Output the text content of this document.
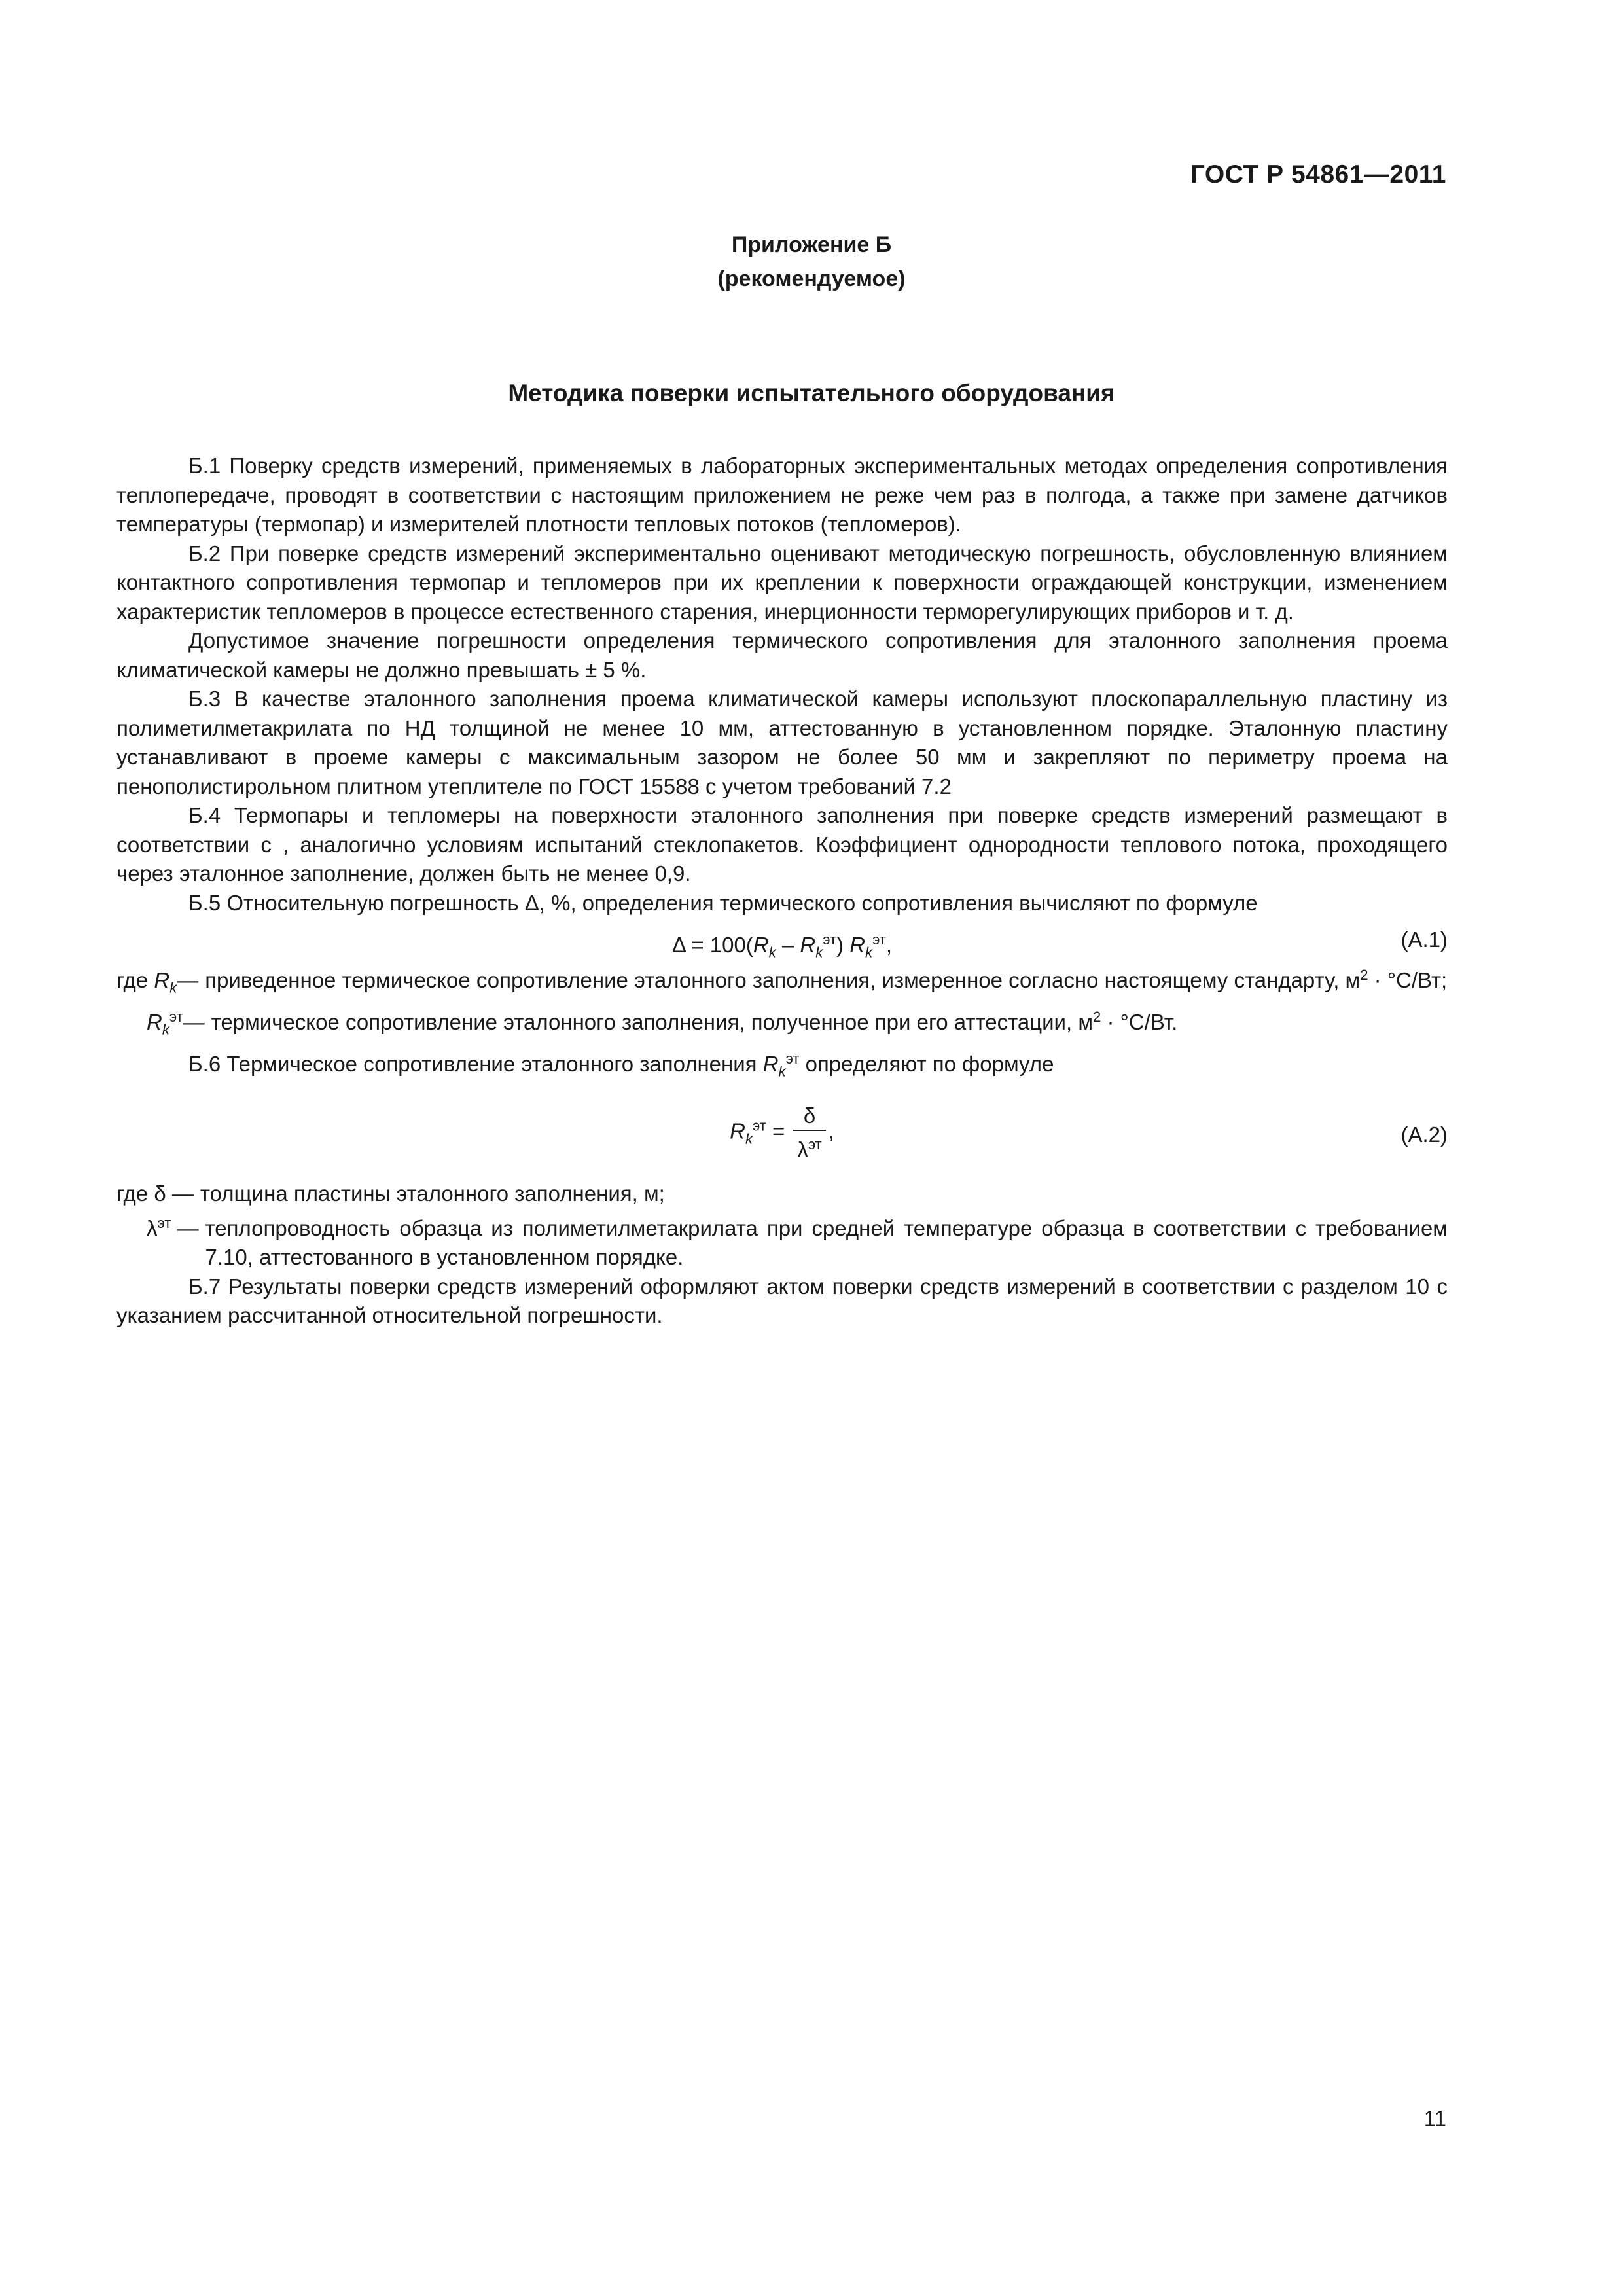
ГОСТ Р 54861—2011
Приложение Б
(рекомендуемое)
Методика поверки испытательного оборудования

Б.1 Поверку средств измерений, применяемых в лабораторных экспериментальных методах определения сопротивления теплопередаче, проводят в соответствии с настоящим приложением не реже чем раз в полгода, а также при замене датчиков температуры (термопар) и измерителей плотности тепловых потоков (тепломеров).

Б.2 При поверке средств измерений экспериментально оценивают методическую погрешность, обусловленную влиянием контактного сопротивления термопар и тепломеров при их креплении к поверхности ограждающей конструкции, изменением характеристик тепломеров в процессе естественного старения, инерционности терморегулирующих приборов и т. д.

Допустимое значение погрешности определения термического сопротивления для эталонного заполнения проема климатической камеры не должно превышать ± 5 %.

Б.3 В качестве эталонного заполнения проема климатической камеры используют плоскопараллельную пластину из полиметилметакрилата по НД толщиной не менее 10 мм, аттестованную в установленном порядке. Эталонную пластину устанавливают в проеме камеры с максимальным зазором не более 50 мм и закрепляют по периметру проема на пенополистирольном плитном утеплителе по ГОСТ 15588 с учетом требований 7.2

Б.4 Термопары и тепломеры на поверхности эталонного заполнения при поверке средств измерений размещают в соответствии с , аналогично условиям испытаний стеклопакетов. Коэффициент однородности теплового потока, проходящего через эталонное заполнение, должен быть не менее 0,9.

Б.5 Относительную погрешность Δ, %, определения термического сопротивления вычисляют по формуле

$\Delta = 100(R_k - R_k^{эт})$ $R_k^{эт}$,	(А.1)
где $R_k—$ приведенное термическое сопротивление эталонного заполнения, измеренное согласно настоящему стандарту, $м^2 \cdot ^\circ С/Вт$;
$R_k^{эт}—$ термическое сопротивление эталонного заполнения, полученное при его аттестации, $м^2 \cdot ^\circ С/Вт$.

Б.6 Термическое сопротивление эталонного заполнения $R_k^{эт}$ определяют по формуле

$R_k^{эт} = \frac{\delta}{\lambda^{эт}}$ ,	(А.2)
где δ — толщина пластины эталонного заполнения, м;
$\lambda^{эт}$ — теплопроводность образца из полиметилметакрилата при средней температуре образца в соответствии с требованием 7.10, аттестованного в установленном порядке.

Б.7 Результаты поверки средств измерений оформляют актом поверки средств измерений в соответствии с разделом 10 с указанием рассчитанной относительной погрешности.

11
